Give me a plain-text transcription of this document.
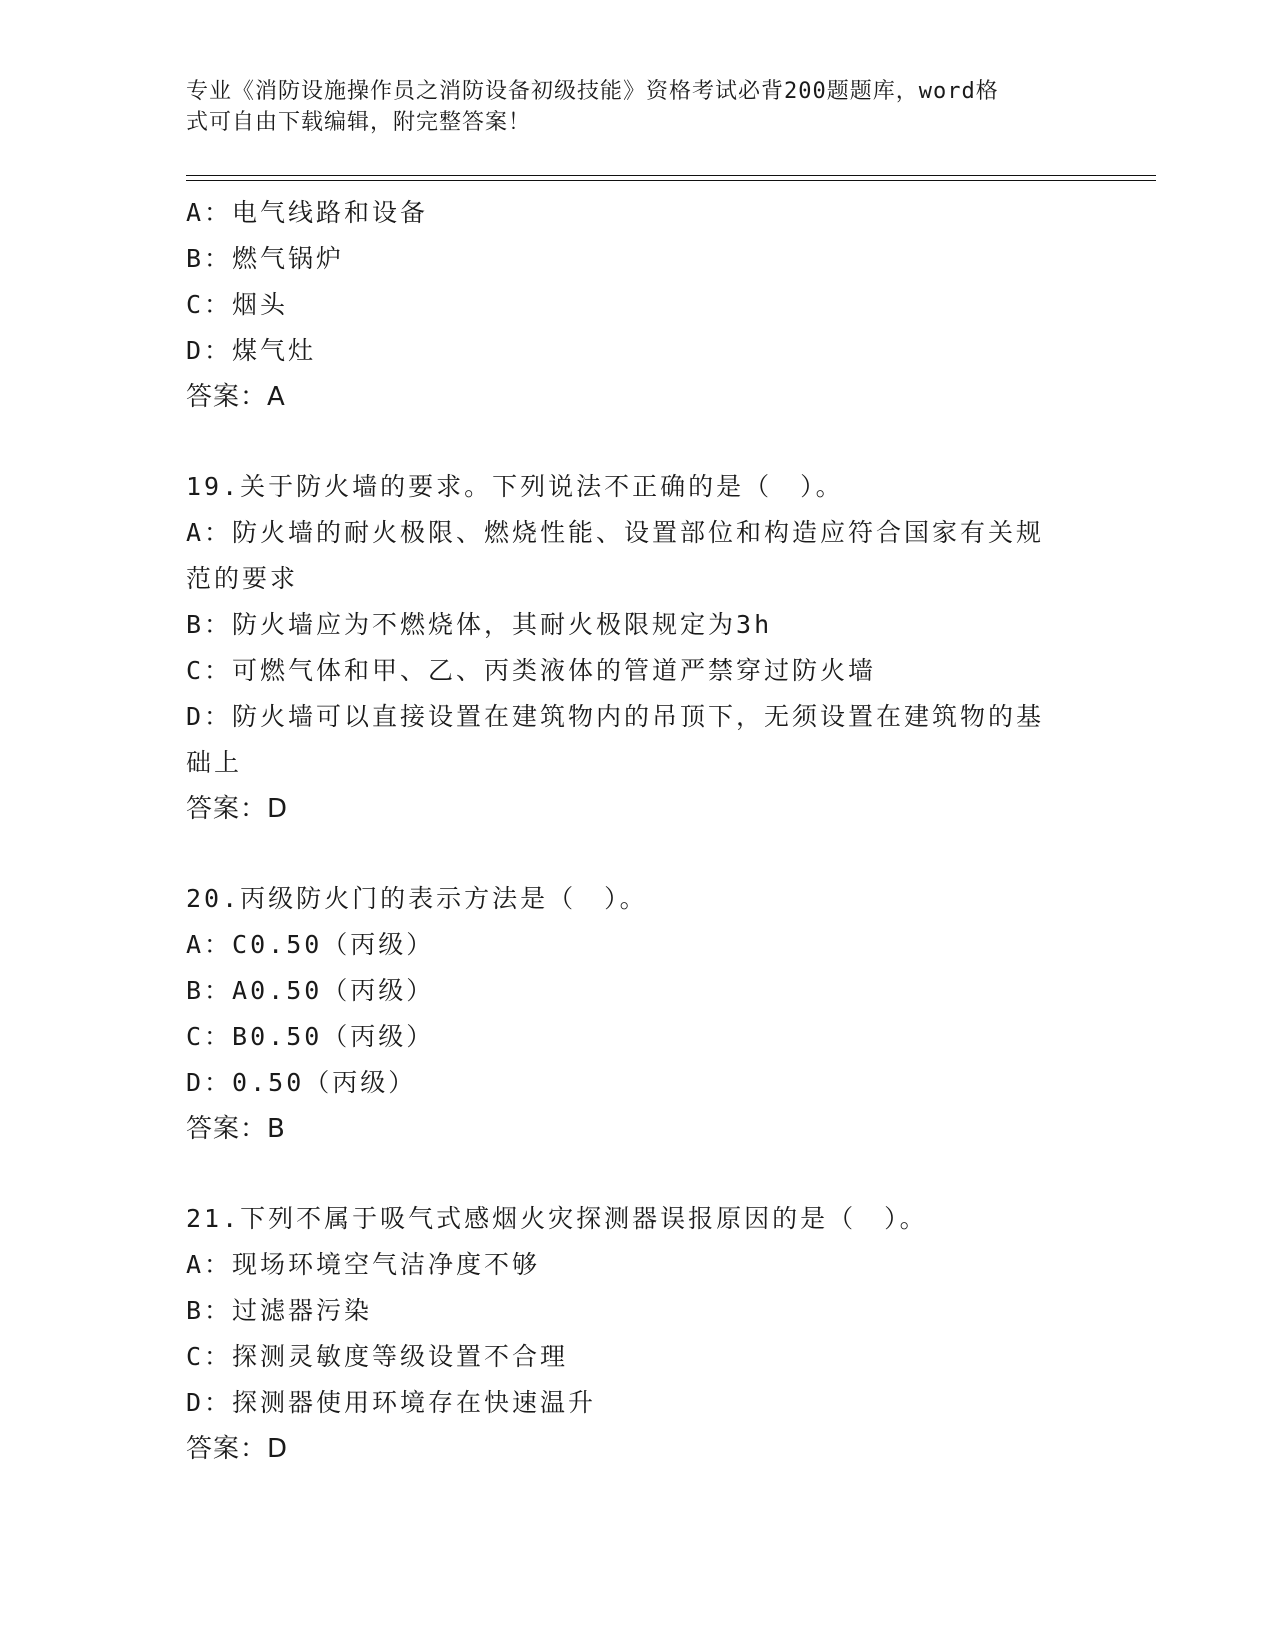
专业《消防设施操作员之消防设备初级技能》资格考试必背200题题库，word格
式可自由下载编辑，附完整答案！

A：电气线路和设备

B：燃气锅炉

C：烟头

D：煤气灶

答案：A

19.关于防火墙的要求。下列说法不正确的是（　）。

A：防火墙的耐火极限、燃烧性能、设置部位和构造应符合国家有关规

范的要求

B：防火墙应为不燃烧体，其耐火极限规定为3h

C：可燃气体和甲、乙、丙类液体的管道严禁穿过防火墙

D：防火墙可以直接设置在建筑物内的吊顶下，无须设置在建筑物的基

础上

答案：D

20.丙级防火门的表示方法是（　）。

A：C0.50（丙级）

B：A0.50（丙级）

C：B0.50（丙级）

D：0.50（丙级）

答案：B

21.下列不属于吸气式感烟火灾探测器误报原因的是（　）。

A：现场环境空气洁净度不够

B：过滤器污染

C：探测灵敏度等级设置不合理

D：探测器使用环境存在快速温升

答案：D
